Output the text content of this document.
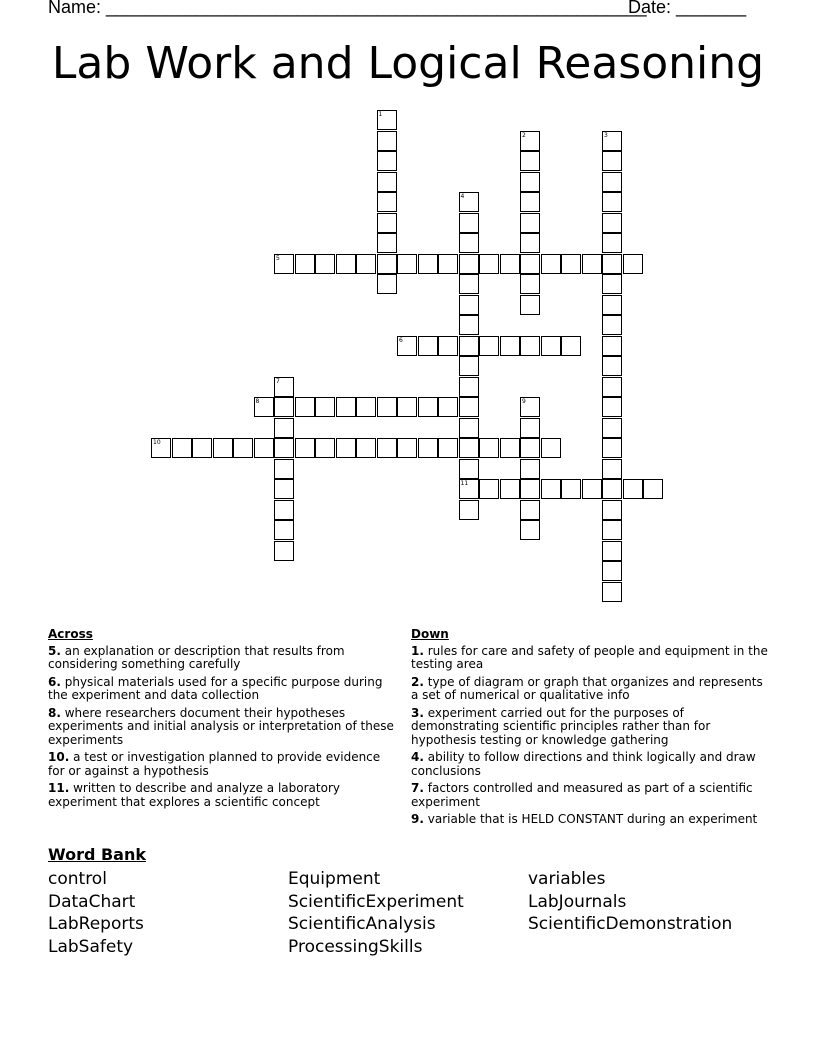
Name: ______________________________________________________
Date: _______
Lab Work and Logical Reasoning
1
2	3
4
11
5
6
7
8	9
10
Across
5. an explanation or description that results from considering something carefully
6. physical materials used for a specific purpose during the experiment and data collection
8. where researchers document their hypotheses experiments and initial analysis or interpretation of these experiments
10. a test or investigation planned to provide evidence for or against a hypothesis
11. written to describe and analyze a laboratory experiment that explores a scientific concept
Down
1. rules for care and safety of people and equipment in the testing area
2. type of diagram or graph that organizes and represents a set of numerical or qualitative info
3. experiment carried out for the purposes of demonstrating scientific principles rather than for hypothesis testing or knowledge gathering
4. ability to follow directions and think logically and draw conclusions
7. factors controlled and measured as part of a scientific experiment
9. variable that is HELD CONSTANT during an experiment
Word Bank
control
DataChart
LabReports
LabSafety
Equipment
ScientificExperiment
ScientificAnalysis
ProcessingSkills
variables
LabJournals
ScientificDemonstration
